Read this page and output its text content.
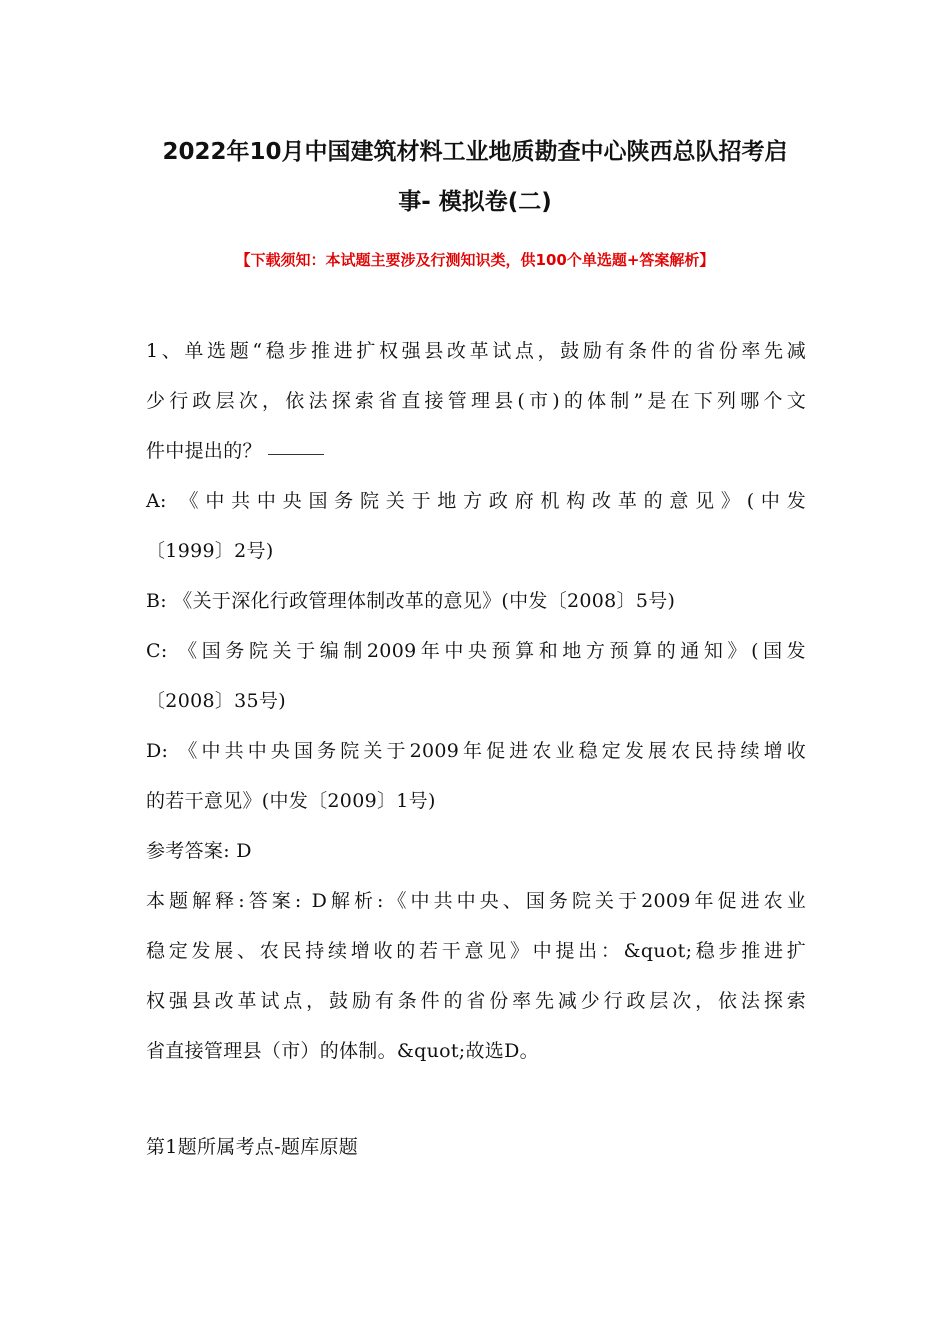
2022年10月中国建筑材料工业地质勘查中心陕西总队招考启
事- 模拟卷(二)
【下载须知：本试题主要涉及行测知识类，供100个单选题+答案解析】
1、单选题“稳步推进扩权强县改革试点，鼓励有条件的省份率先减
少行政层次，依法探索省直接管理县(市)的体制”是在下列哪个文
件中提出的？
A: 《中共中央国务院关于地方政府机构改革的意见》(中发
〔1999〕2号)
B: 《关于深化行政管理体制改革的意见》(中发〔2008〕5号)
C: 《国务院关于编制2009年中央预算和地方预算的通知》(国发
〔2008〕35号)
D: 《中共中央国务院关于2009年促进农业稳定发展农民持续增收
的若干意见》(中发〔2009〕1号)
参考答案: D
本题解释:答案: D解析:《中共中央、国务院关于2009年促进农业
稳定发展、农民持续增收的若干意见》中提出：&quot;稳步推进扩
权强县改革试点，鼓励有条件的省份率先减少行政层次，依法探索
省直接管理县（市）的体制。&quot;故选D。
第1题所属考点-题库原题
